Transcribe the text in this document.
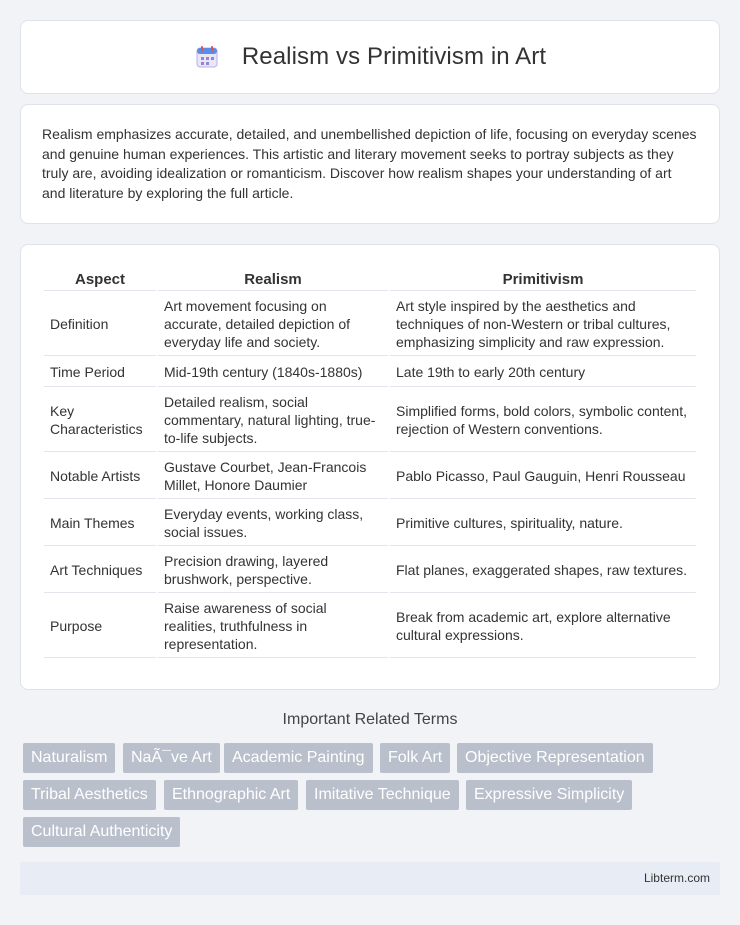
Realism vs Primitivism in Art

Realism emphasizes accurate, detailed, and unembellished depiction of life, focusing on everyday scenes and genuine human experiences. This artistic and literary movement seeks to portray subjects as they truly are, avoiding idealization or romanticism. Discover how realism shapes your understanding of art and literature by exploring the full article.

Aspect	Realism	Primitivism
Definition	Art movement focusing on accurate, detailed depiction of everyday life and society.	Art style inspired by the aesthetics and techniques of non-Western or tribal cultures, emphasizing simplicity and raw expression.
Time Period	Mid-19th century (1840s-1880s)	Late 19th to early 20th century
Key Characteristics	Detailed realism, social commentary, natural lighting, true-to-life subjects.	Simplified forms, bold colors, symbolic content, rejection of Western conventions.
Notable Artists	Gustave Courbet, Jean-Francois Millet, Honore Daumier	Pablo Picasso, Paul Gauguin, Henri Rousseau
Main Themes	Everyday events, working class, social issues.	Primitive cultures, spirituality, nature.
Art Techniques	Precision drawing, layered brushwork, perspective.	Flat planes, exaggerated shapes, raw textures.
Purpose	Raise awareness of social realities, truthfulness in representation.	Break from academic art, explore alternative cultural expressions.
Important Related Terms
Naturalism	NaÃ¯ve Art	Academic Painting	Folk Art	Objective Representation
Tribal Aesthetics	Ethnographic Art	Imitative Technique	Expressive Simplicity
Cultural Authenticity
Libterm.com
